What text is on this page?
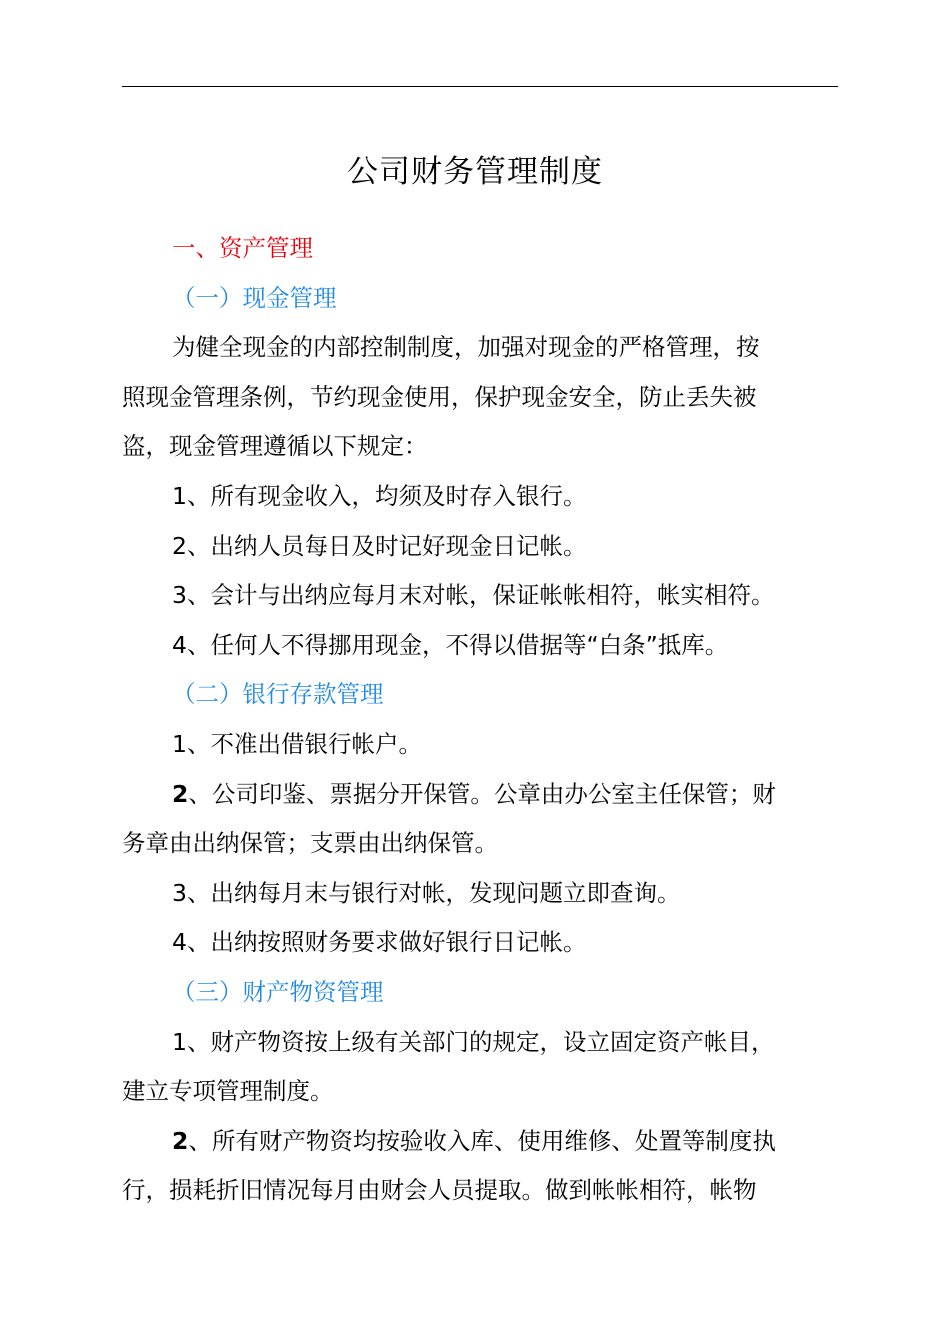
公司财务管理制度

一、资产管理

（一）现金管理

为健全现金的内部控制制度，加强对现金的严格管理，按

照现金管理条例，节约现金使用，保护现金安全，防止丢失被

盗，现金管理遵循以下规定：

1、所有现金收入，均须及时存入银行。

2、出纳人员每日及时记好现金日记帐。

3、会计与出纳应每月末对帐，保证帐帐相符，帐实相符。

4、任何人不得挪用现金，不得以借据等“白条”抵库。

（二）银行存款管理

1、不准出借银行帐户。

2、公司印鉴、票据分开保管。公章由办公室主任保管；财

务章由出纳保管；支票由出纳保管。

3、出纳每月末与银行对帐，发现问题立即查询。

4、出纳按照财务要求做好银行日记帐。

（三）财产物资管理

1、财产物资按上级有关部门的规定，设立固定资产帐目，

建立专项管理制度。

2、所有财产物资均按验收入库、使用维修、处置等制度执

行，损耗折旧情况每月由财会人员提取。做到帐帐相符，帐物
